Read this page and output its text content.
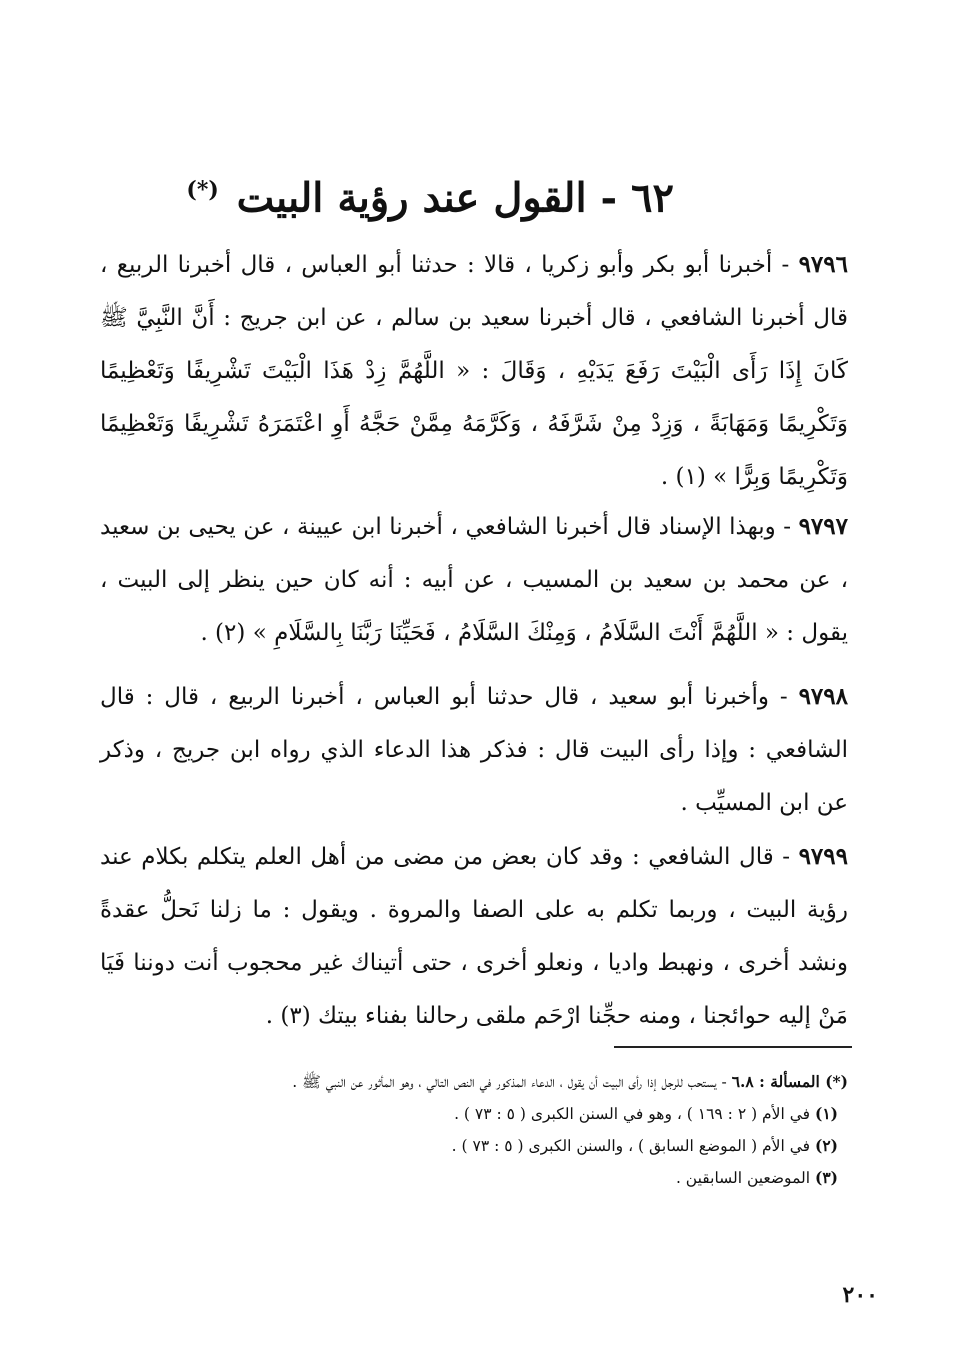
٦٢ - القول عند رؤية البيت (*)

٩٧٩٦ - أخبرنا أبو بكر وأبو زكريا ، قالا : حدثنا أبو العباس ، قال أخبرنا الربيع ، قال أخبرنا الشافعي ، قال أخبرنا سعيد بن سالم ، عن ابن جريج : أَنَّ النَّبِيَّ ﷺ كَانَ إِذَا رَأَى الْبَيْتَ رَفَعَ يَدَيْهِ ، وَقَالَ : « اللَّهُمَّ زِدْ هَذَا الْبَيْتَ تَشْرِيفًا وَتَعْظِيمًا وَتَكْرِيمًا وَمَهَابَةً ، وَزِدْ مِنْ شَرَّفَهُ ، وَكَرَّمَهُ مِمَّنْ حَجَّهُ أَوِ اعْتَمَرَهُ تَشْرِيفًا وَتَعْظِيمًا وَتَكْرِيمًا وَبِرًّا » (١) .

٩٧٩٧ - وبهذا الإسناد قال أخبرنا الشافعي ، أخبرنا ابن عيينة ، عن يحيى بن سعيد ، عن محمد بن سعيد بن المسيب ، عن أبيه : أنه كان حين ينظر إلى البيت ، يقول : « اللَّهُمَّ أَنْتَ السَّلَامُ ، وَمِنْكَ السَّلَامُ ، فَحَيِّنَا رَبَّنَا بِالسَّلَامِ » (٢) .

٩٧٩٨ - وأخبرنا أبو سعيد ، قال حدثنا أبو العباس ، أخبرنا الربيع ، قال : قال الشافعي : وإذا رأى البيت قال : فذكر هذا الدعاء الذي رواه ابن جريج ، وذكر عن ابن المسيِّب .

٩٧٩٩ - قال الشافعي : وقد كان بعض من مضى من أهل العلم يتكلم بكلام عند رؤية البيت ، وربما تكلم به على الصفا والمروة . ويقول : ما زلنا نَحلُّ عقدةً ونشد أخرى ، ونهبط واديا ، ونعلو أخرى ، حتى أتيناك غير محجوب أنت دوننا فَيَا مَنْ إليه حوائجنا ، ومنه حجِّنا ارْحَم ملقى رحالنا بفناء بيتك (٣) .

(*) المسألة : ٦.٨ - يستحب للرجل إذا رأى البيت أن يقول ، الدعاء المذكور في النص التالي ، وهو المأثور عن النبي ﷺ .

(١) في الأم ( ٢ : ١٦٩ ) ، وهو في السنن الكبرى ( ٥ : ٧٣ ) .

(٢) في الأم ( الموضع السابق ) ، والسنن الكبرى ( ٥ : ٧٣ ) .

(٣) الموضعين السابقين .

٢٠٠
